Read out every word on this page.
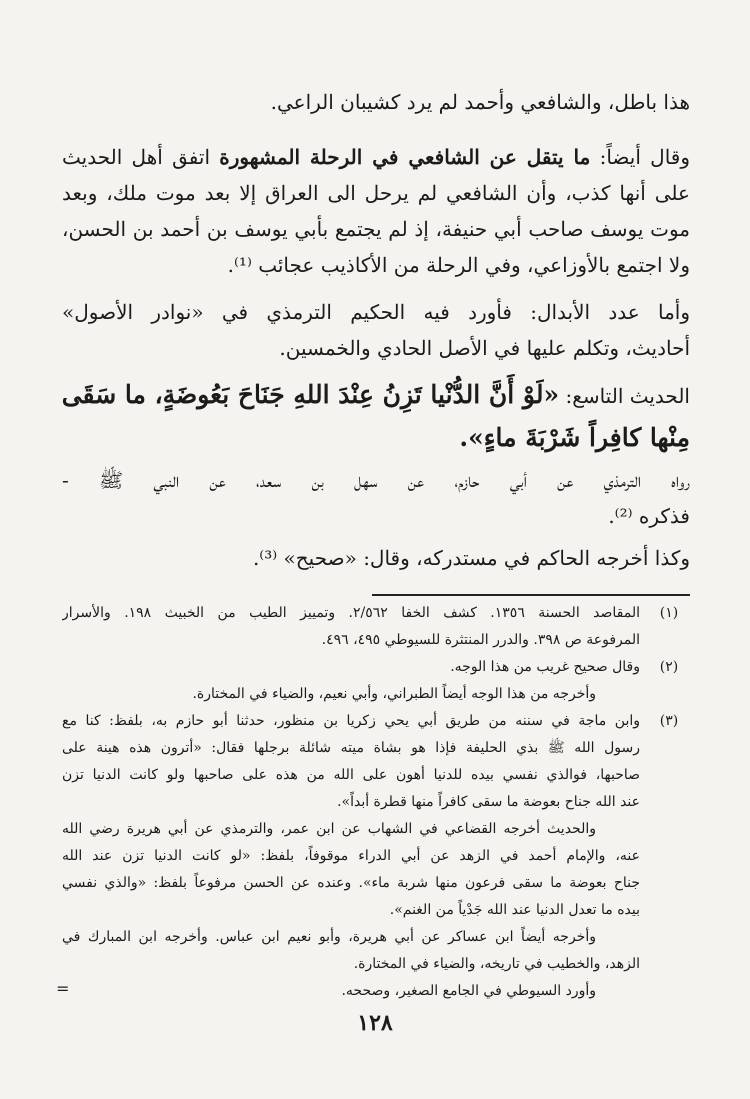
هذا باطل، والشافعي وأحمد لم يرد كشيبان الراعي.
وقال أيضاً: ما يتقل عن الشافعي في الرحلة المشهورة اتفق أهل الحديث
على أنها كذب، وأن الشافعي لم يرحل الى العراق إلا بعد موت ملك، وبعد
موت يوسف صاحب أبي حنيفة، إذ لم يجتمع بأبي يوسف بن أحمد بن الحسن،
ولا اجتمع بالأوزاعي، وفي الرحلة من الأكاذيب عجائب ⁽¹⁾.
وأما عدد الأبدال: فأورد فيه الحكيم الترمذي في «نوادر الأصول»
أحاديث، وتكلم عليها في الأصل الحادي والخمسين.
الحديث التاسع: «لَوْ أَنَّ الدُّنْيا تَزِنُ عِنْدَ اللهِ جَنَاحَ بَعُوضَةٍ، ما سَقَى
مِنْها كافِراً شَرْبَةَ ماءٍ».
رواه الترمذي عن أبي حازم، عن سهل بن سعد، عن النبي ﷺ -
فذكره ⁽²⁾.
وكذا أخرجه الحاكم في مستدركه، وقال: «صحيح» ⁽³⁾.
(١)
المقاصد الحسنة ١٣٥٦. كشف الخفا ٢/٥٦٢. وتمييز الطيب من الخبيث ١٩٨. والأسرار
المرفوعة ص ٣٩٨. والدرر المنتثرة للسيوطي ٤٩٥، ٤٩٦.
(٢)
وقال صحيح غريب من هذا الوجه.
وأخرجه من هذا الوجه أيضاً الطبراني، وأبي نعيم، والضياء في المختارة.
(٣)
وابن ماجة في سننه من طريق أبي يحي زكريا بن منظور، حدثنا أبو حازم به، بلفظ: كنا مع
رسول الله ﷺ بذي الحليفة فإذا هو بشاة ميته شائلة برجلها فقال: «أترون هذه هينة على
صاحبها، فوالذي نفسي بيده للدنيا أهون على الله من هذه على صاحبها ولو كانت الدنيا تزن
عند الله جناح بعوضة ما سقى كافراً منها قطرة أبداً».
والحديث أخرجه القضاعي في الشهاب عن ابن عمر، والترمذي عن أبي هريرة رضي الله
عنه، والإمام أحمد في الزهد عن أبي الدراء موقوفاً، بلفظ: «لو كانت الدنيا تزن عند الله
جناح بعوضة ما سقى فرعون منها شربة ماء». وعنده عن الحسن مرفوعاً بلفظ: «والذي نفسي
بيده ما تعدل الدنيا عند الله جَدْياً من الغنم».
وأخرجه أيضاً ابن عساكر عن أبي هريرة، وأبو نعيم ابن عباس. وأخرجه ابن المبارك في
الزهد، والخطيب في تاريخه، والضياء في المختارة.
وأورد السيوطي في الجامع الصغير، وصححه.
=
١٢٨
